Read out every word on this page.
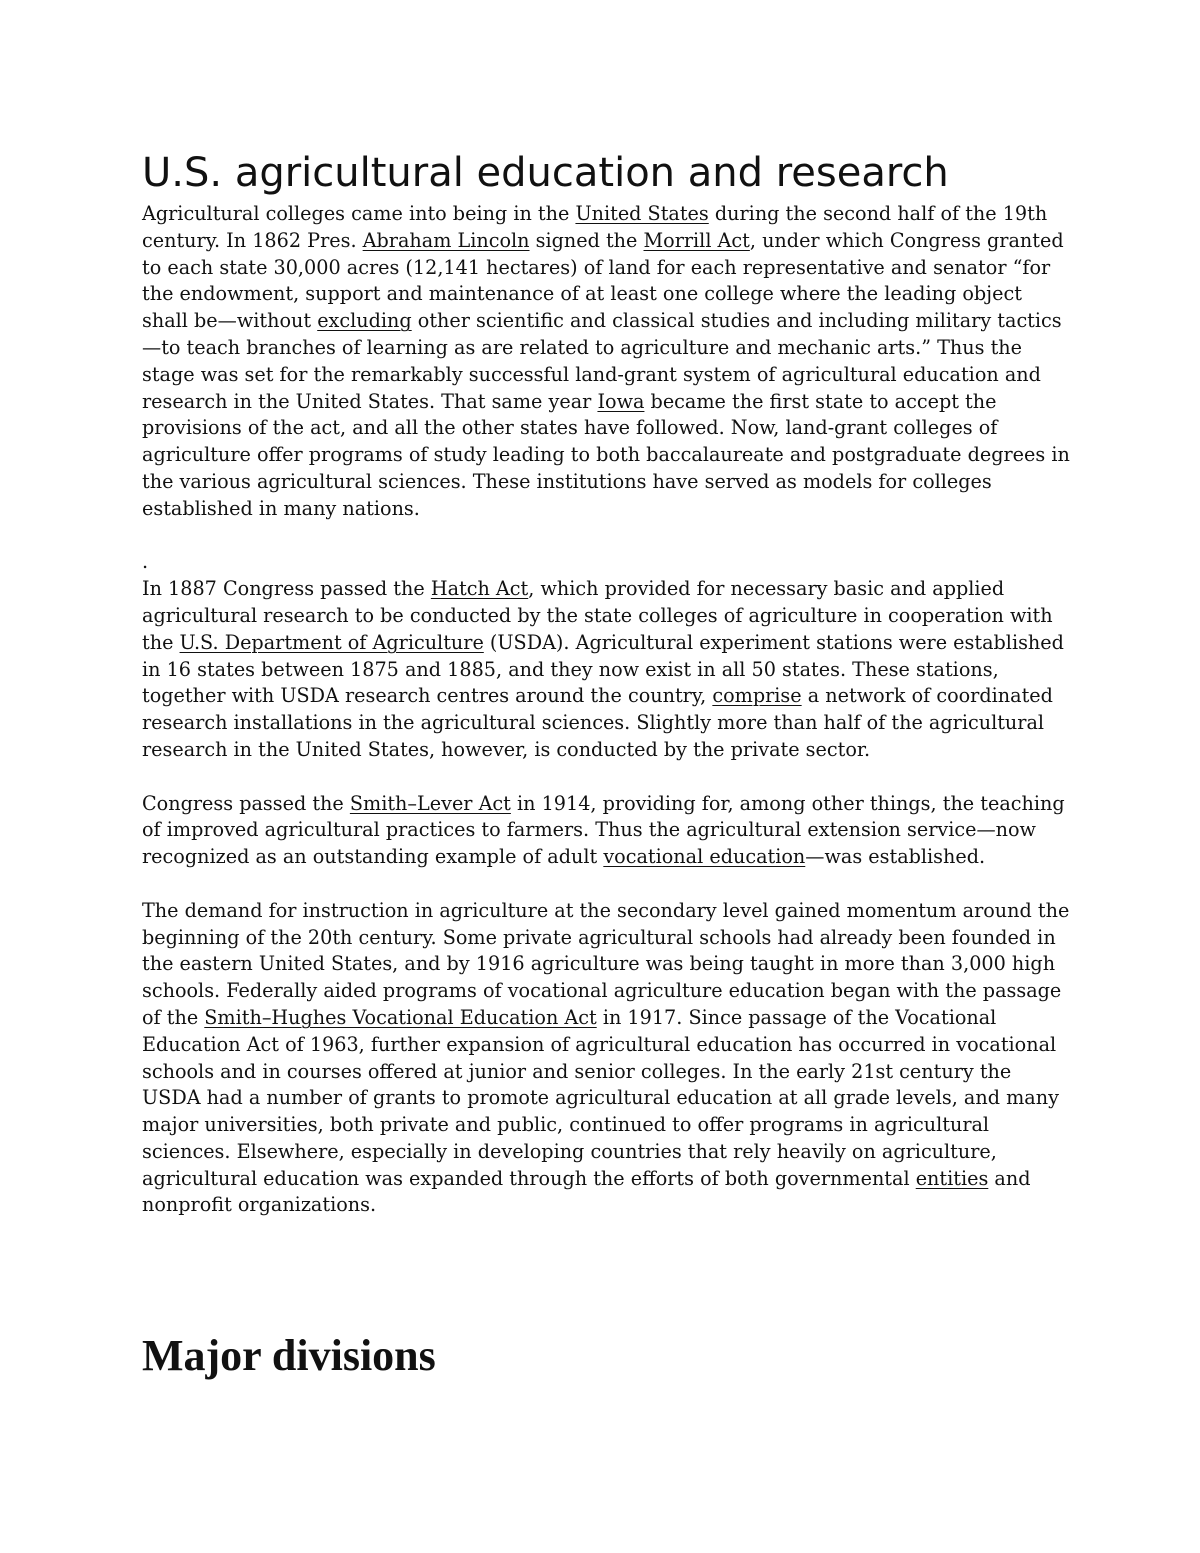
U.S. agricultural education and research

Agricultural colleges came into being in the United States during the second half of the 19th century. In 1862 Pres. Abraham Lincoln signed the Morrill Act, under which Congress granted to each state 30,000 acres (12,141 hectares) of land for each representative and senator “for the endowment, support and maintenance of at least one college where the leading object shall be—without excluding other scientific and classical studies and including military tactics—to teach branches of learning as are related to agriculture and mechanic arts.” Thus the stage was set for the remarkably successful land-grant system of agricultural education and research in the United States. That same year Iowa became the first state to accept the provisions of the act, and all the other states have followed. Now, land-grant colleges of agriculture offer programs of study leading to both baccalaureate and postgraduate degrees in the various agricultural sciences. These institutions have served as models for colleges established in many nations.

.

In 1887 Congress passed the Hatch Act, which provided for necessary basic and applied agricultural research to be conducted by the state colleges of agriculture in cooperation with the U.S. Department of Agriculture (USDA). Agricultural experiment stations were established in 16 states between 1875 and 1885, and they now exist in all 50 states. These stations, together with USDA research centres around the country, comprise a network of coordinated research installations in the agricultural sciences. Slightly more than half of the agricultural research in the United States, however, is conducted by the private sector.

Congress passed the Smith–Lever Act in 1914, providing for, among other things, the teaching of improved agricultural practices to farmers. Thus the agricultural extension service—now recognized as an outstanding example of adult vocational education—was established.

The demand for instruction in agriculture at the secondary level gained momentum around the beginning of the 20th century. Some private agricultural schools had already been founded in the eastern United States, and by 1916 agriculture was being taught in more than 3,000 high schools. Federally aided programs of vocational agriculture education began with the passage of the Smith–Hughes Vocational Education Act in 1917. Since passage of the Vocational Education Act of 1963, further expansion of agricultural education has occurred in vocational schools and in courses offered at junior and senior colleges. In the early 21st century the USDA had a number of grants to promote agricultural education at all grade levels, and many major universities, both private and public, continued to offer programs in agricultural sciences. Elsewhere, especially in developing countries that rely heavily on agriculture, agricultural education was expanded through the efforts of both governmental entities and nonprofit organizations.

Major divisions
